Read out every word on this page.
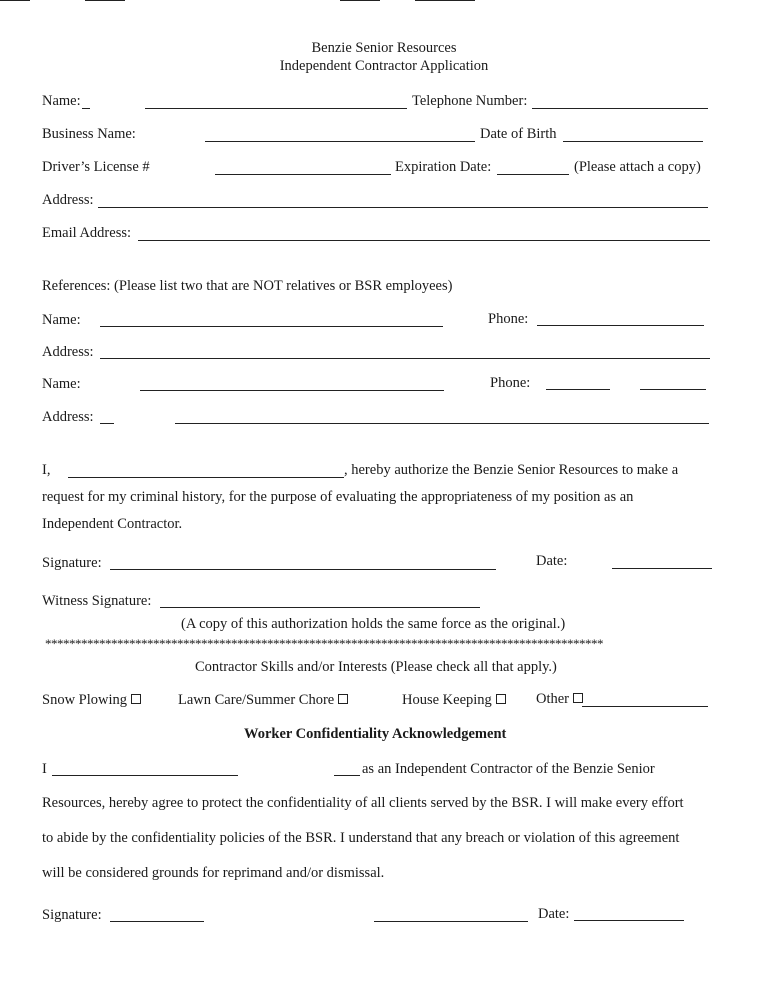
Benzie Senior Resources
Independent Contractor Application
Name:	Telephone Number:
Business Name:	Date of Birth
Driver’s License #	Expiration Date:	(Please attach a copy)
Address:
Email Address:
References: (Please list two that are NOT relatives or BSR employees)
Name:	Phone:
Address:
Name:	Phone:
Address:
I,	, hereby authorize the Benzie Senior Resources to make a
request for my criminal history, for the purpose of evaluating the appropriateness of my position as an
Independent Contractor.
Signature:	Date:
Witness Signature:
(A copy of this authorization holds the same force as the original.)
*********************************************************************************************
Contractor Skills and/or Interests (Please check all that apply.)
Snow Plowing	Lawn Care/Summer Chore	House Keeping	Other
Worker Confidentiality Acknowledgement
I	as an Independent Contractor of the Benzie Senior
Resources, hereby agree to protect the confidentiality of all clients served by the BSR. I will make every effort
to abide by the confidentiality policies of the BSR. I understand that any breach or violation of this agreement
will be considered grounds for reprimand and/or dismissal.
Signature:	Date:
